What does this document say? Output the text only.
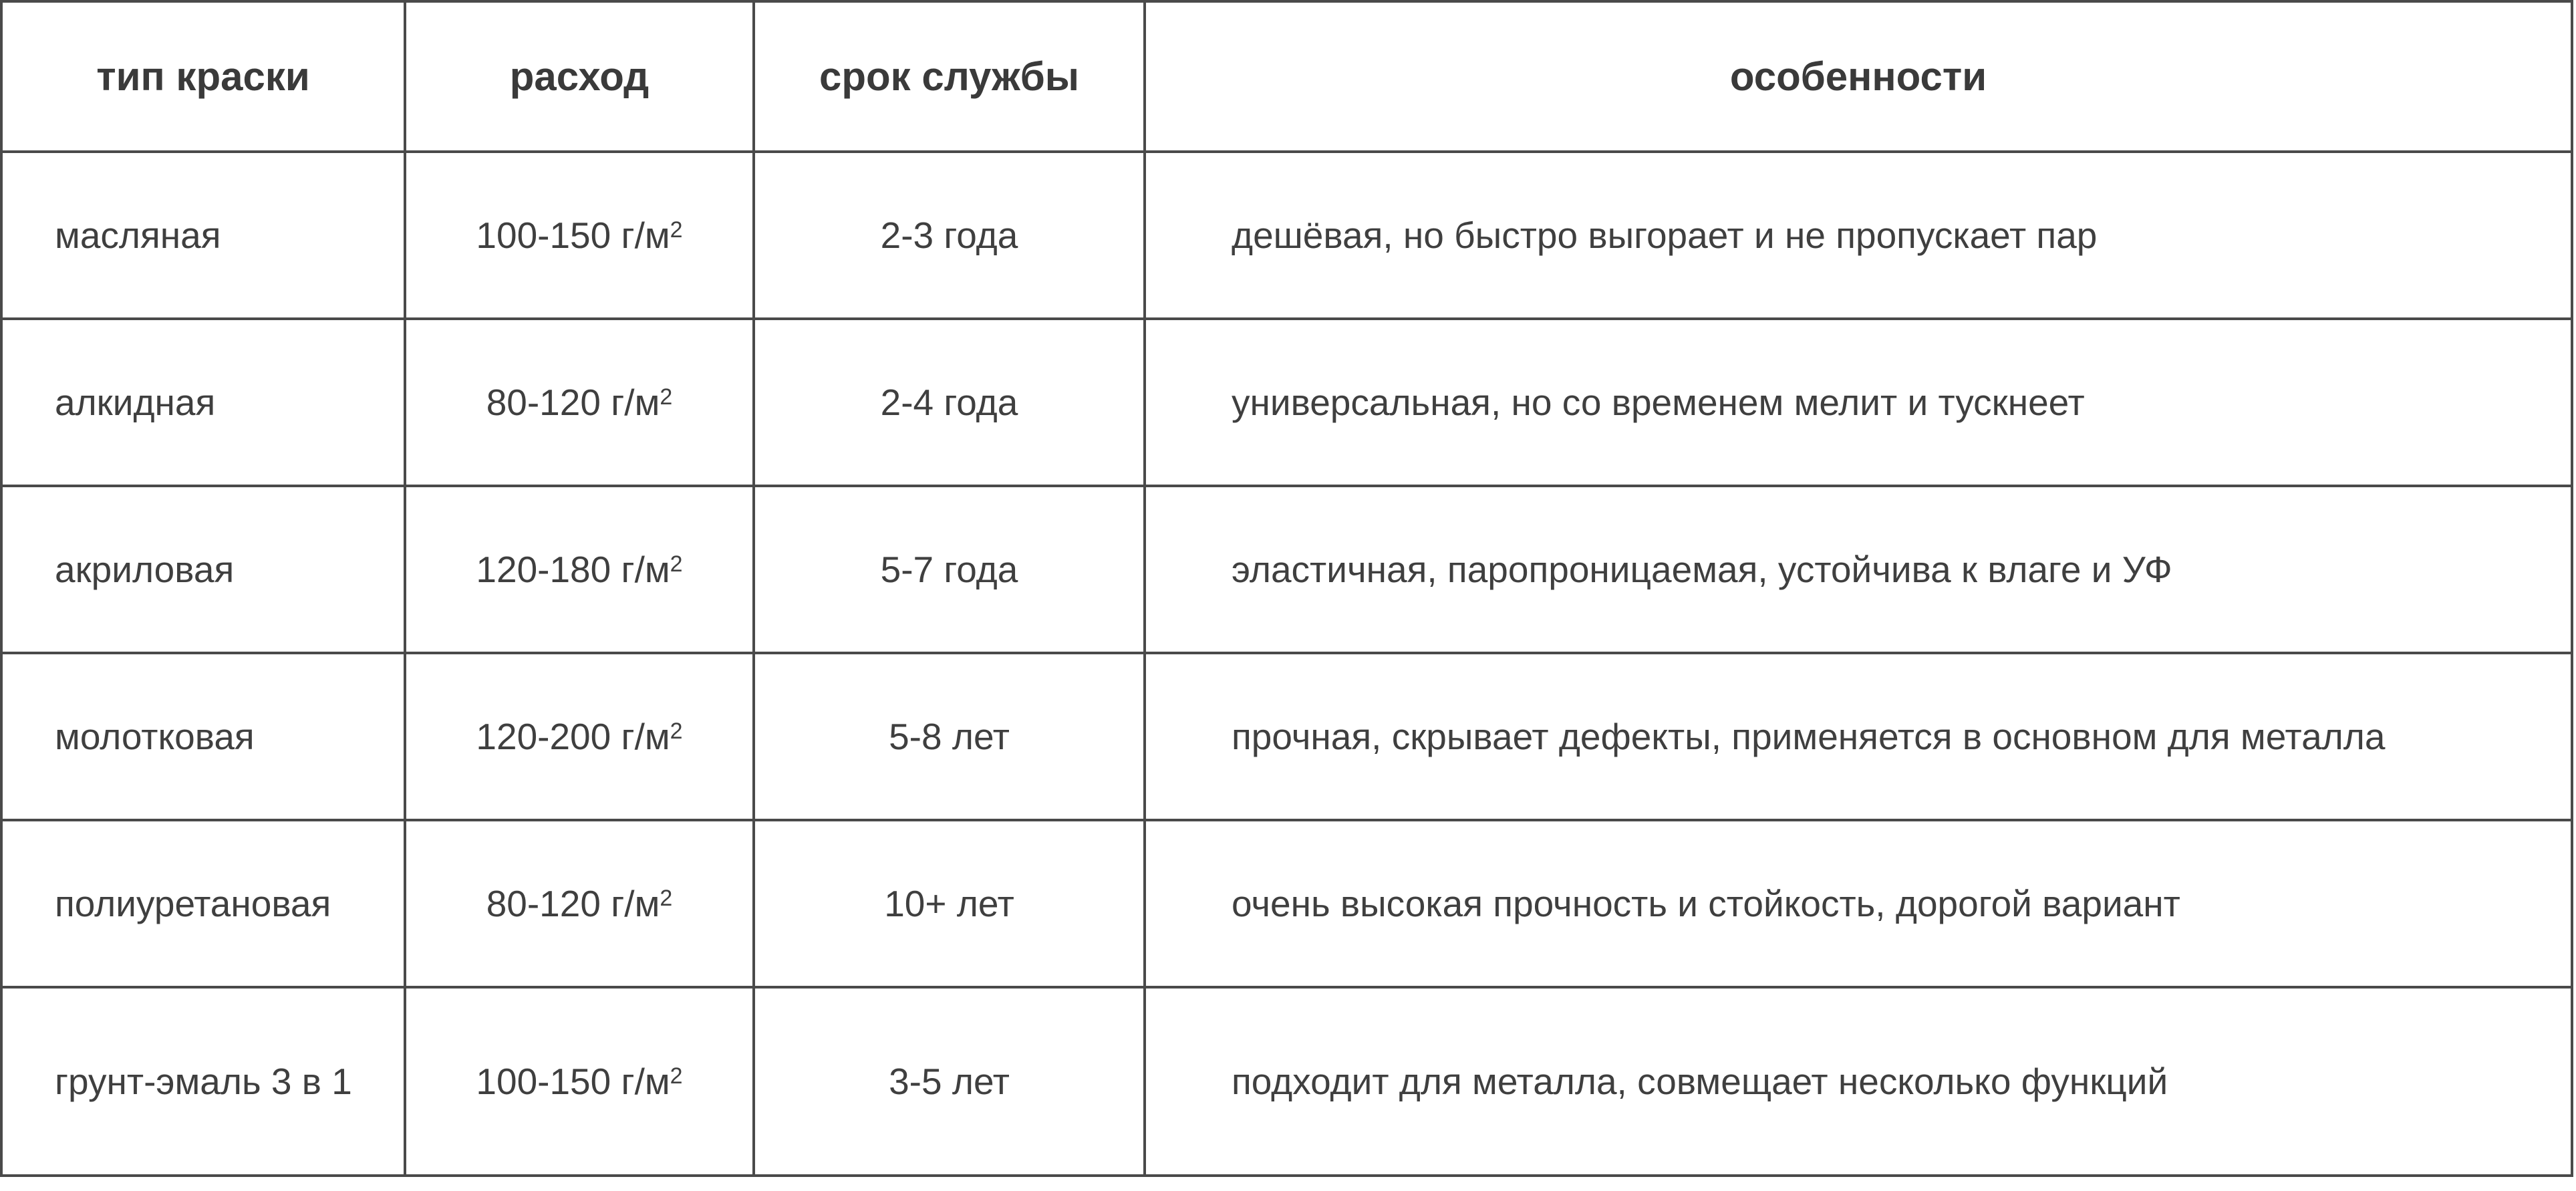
тип краски	расход	срок службы	особенности
масляная	100-150 $г/м^2$	2-3 года	дешёвая, но быстро выгорает и не пропускает пар
алкидная	80-120 $г/м^2$	2-4 года	универсальная, но со временем мелит и тускнеет
акриловая	120-180 $г/м^2$	5-7 года	эластичная, паропроницаемая, устойчива к влаге и УФ
молотковая	120-200 $г/м^2$	5-8 лет	прочная, скрывает дефекты, применяется в основном для металла
полиуретановая	80-120 $г/м^2$	10+ лет	очень высокая прочность и стойкость, дорогой вариант
грунт-эмаль 3 в 1	100-150 $г/м^2$	3-5 лет	подходит для металла, совмещает несколько функций
